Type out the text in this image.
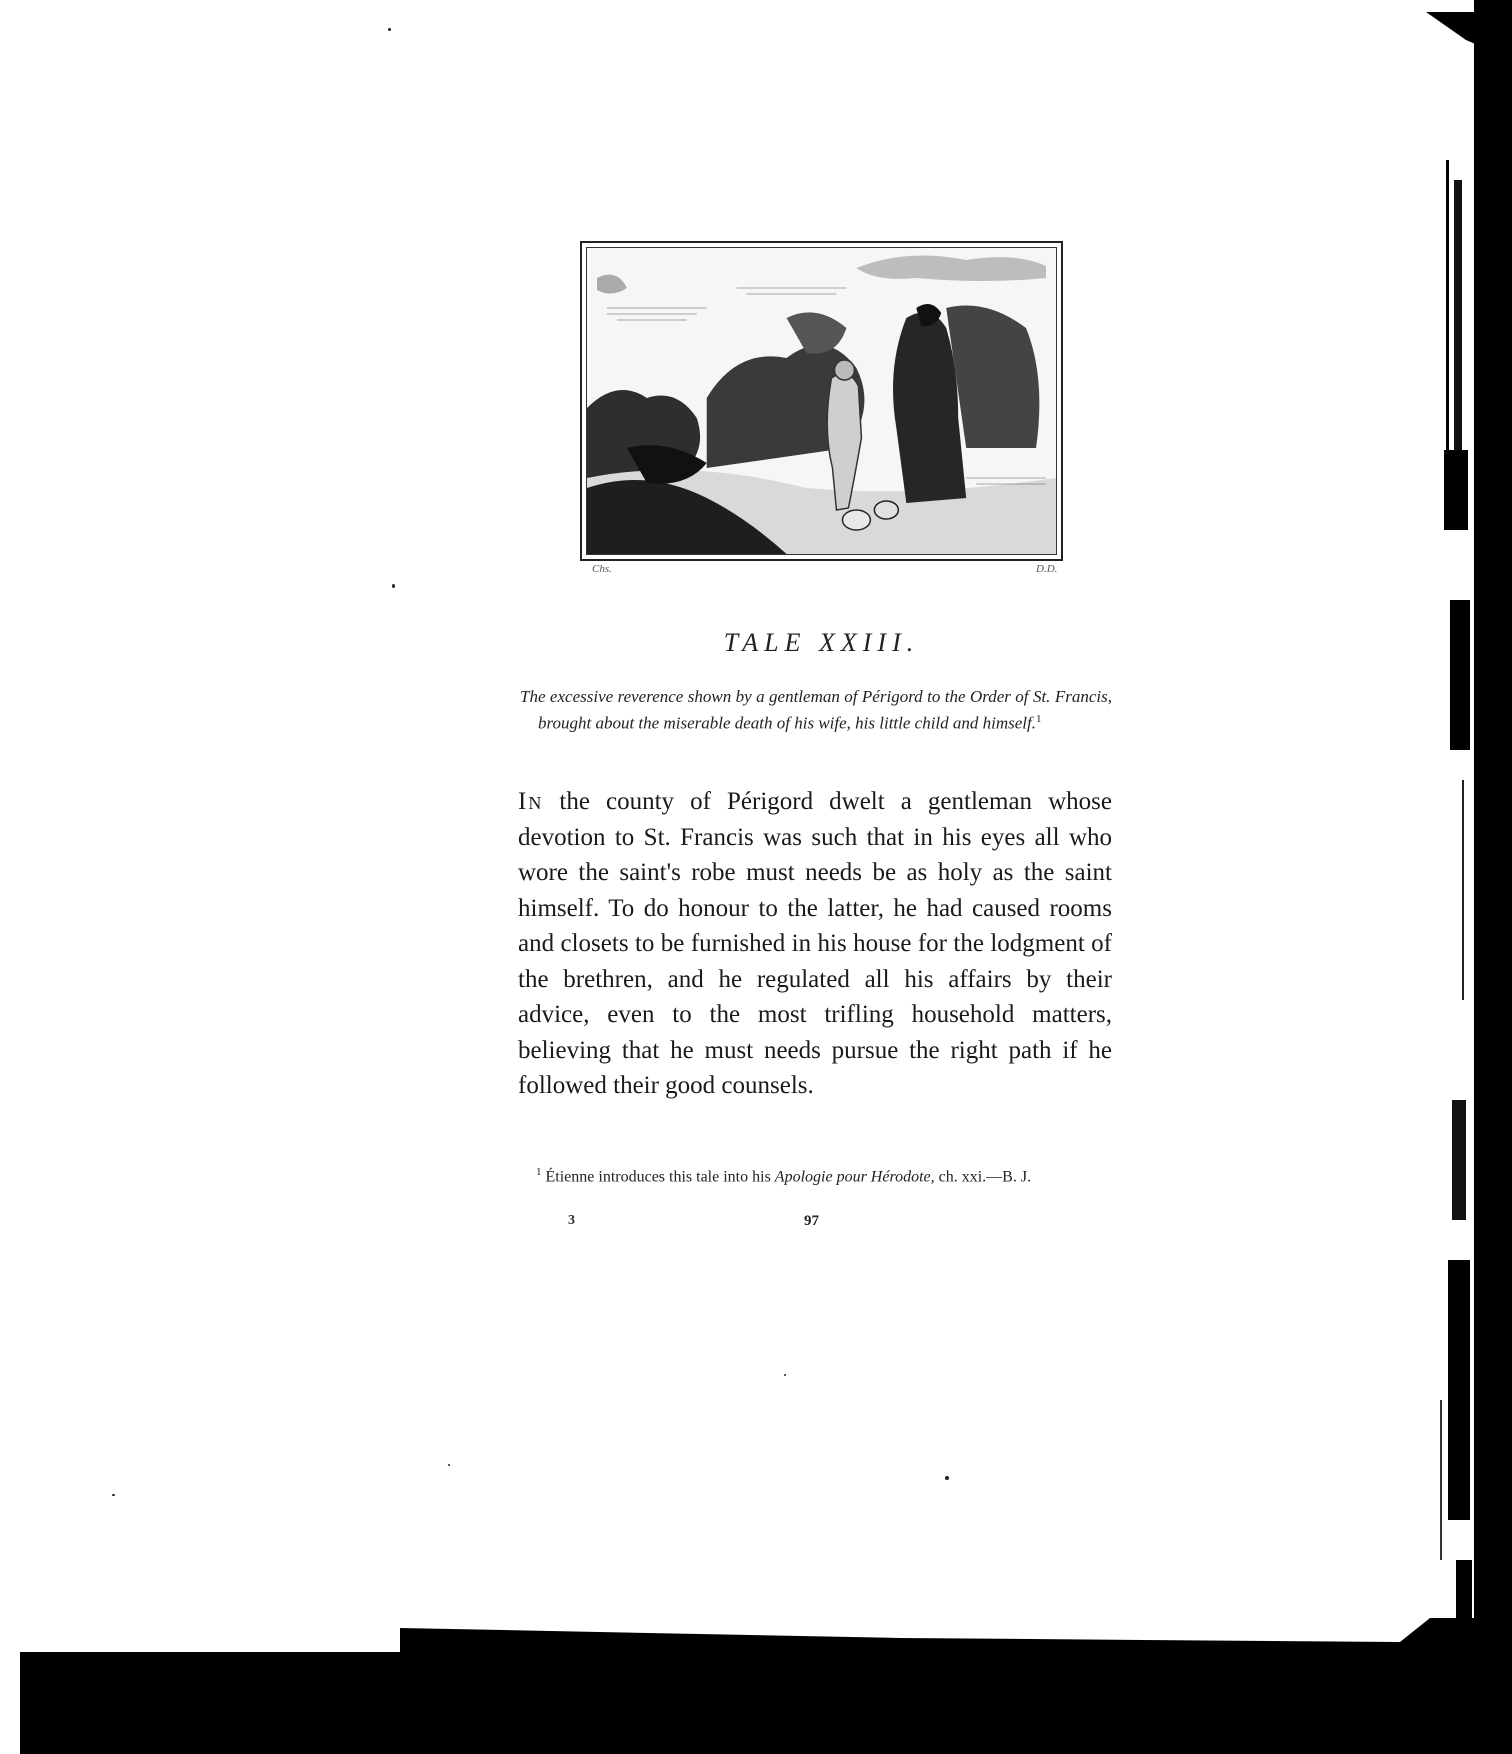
Chs.	D.D.
TALE XXIII.

The excessive reverence shown by a gentleman of Périgord to the Order of St. Francis, brought about the miserable death of his wife, his little child and himself.$^1$

In the county of Périgord dwelt a gentleman whose devotion to St. Francis was such that in his eyes all who wore the saint's robe must needs be as holy as the saint himself. To do honour to the latter, he had caused rooms and closets to be furnished in his house for the lodgment of the brethren, and he regulated all his affairs by their advice, even to the most trifling household matters, believing that he must needs pursue the right path if he followed their good counsels.

$^1$ Étienne introduces this tale into his Apologie pour Hérodote, ch. xxi.—B. J.

3	97
